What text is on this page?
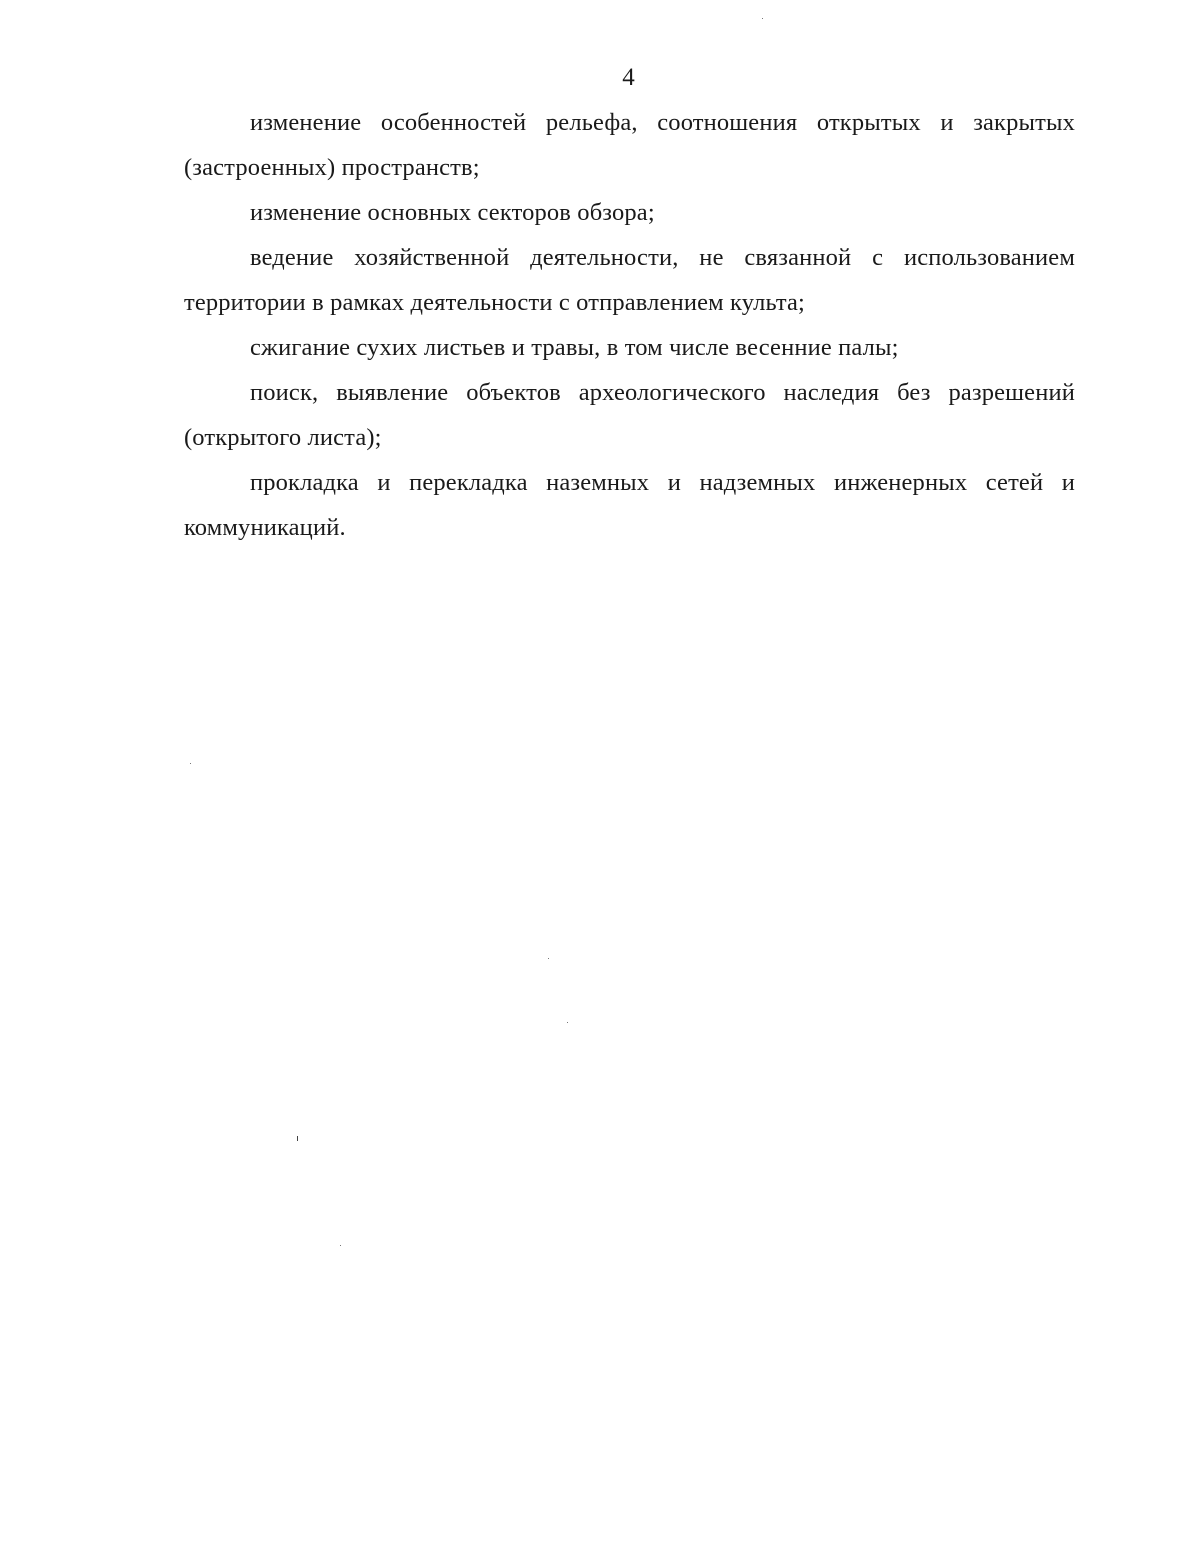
4

изменение особенностей рельефа, соотношения открытых и закрытых (застроенных) пространств;

изменение основных секторов обзора;

ведение хозяйственной деятельности, не связанной с использованием территории в рамках деятельности с отправлением культа;

сжигание сухих листьев и травы, в том числе весенние палы;

поиск, выявление объектов археологического наследия без разрешений (открытого листа);

прокладка и перекладка наземных и надземных инженерных сетей и коммуникаций.
